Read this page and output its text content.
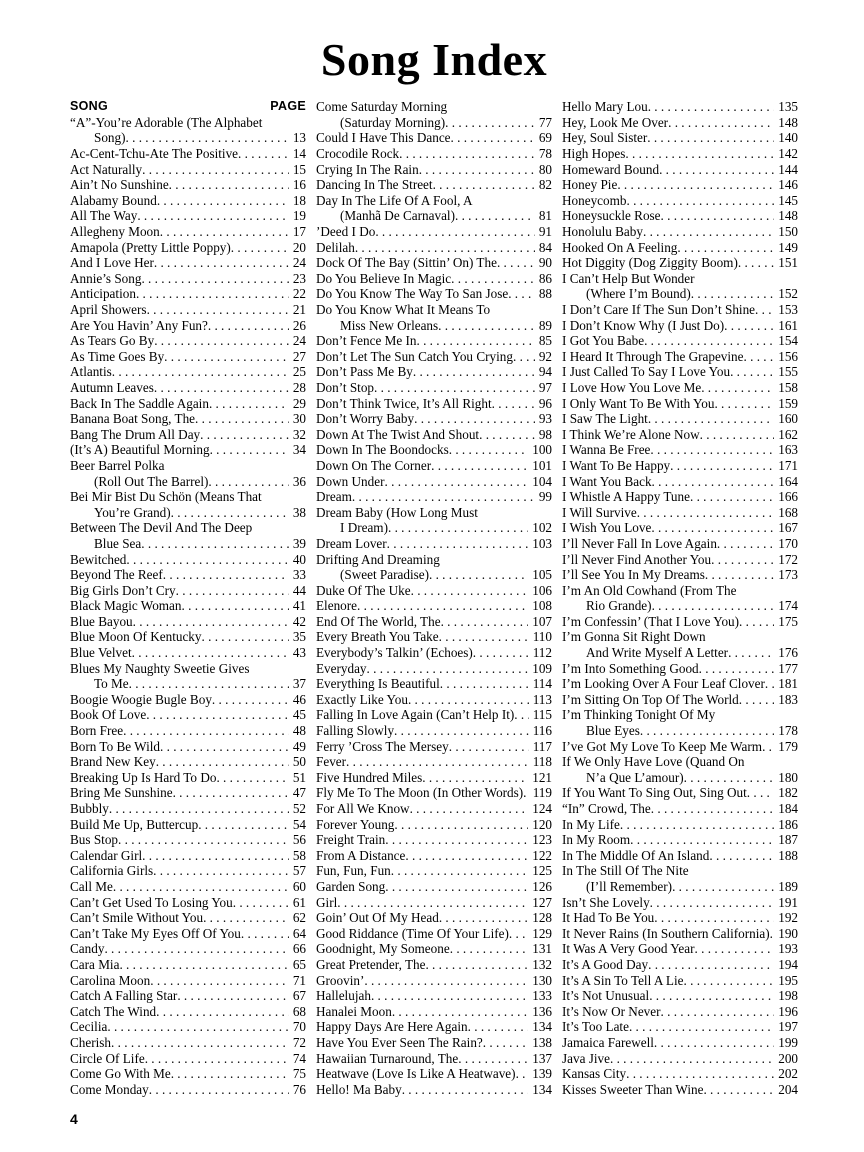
Song Index
SONG	PAGE
“A”-You’re Adorable (The Alphabet
Song) . . .	13
Ac-Cent-Tchu-Ate The Positive . . .	14
Act Naturally . . .	15
Ain’t No Sunshine . . .	16
Alabamy Bound . . .	18
All The Way . . .	19
Allegheny Moon . . .	17
Amapola (Pretty Little Poppy) . . .	20
And I Love Her . . .	24
Annie’s Song . . .	23
Anticipation . . .	22
April Showers . . .	21
Are You Havin’ Any Fun? . . .	26
As Tears Go By . . .	24
As Time Goes By . . .	27
Atlantis . . .	25
Autumn Leaves . . .	28
Back In The Saddle Again . . .	29
Banana Boat Song, The . . .	30
Bang The Drum All Day . . .	32
(It’s A) Beautiful Morning . . .	34
Beer Barrel Polka
(Roll Out The Barrel) . . .	36
Bei Mir Bist Du Schön (Means That
You’re Grand) . . .	38
Between The Devil And The Deep
Blue Sea . . .	39
Bewitched . . .	40
Beyond The Reef . . .	33
Big Girls Don’t Cry . . .	44
Black Magic Woman . . .	41
Blue Bayou . . .	42
Blue Moon Of Kentucky . . .	35
Blue Velvet . . .	43
Blues My Naughty Sweetie Gives
To Me . . .	37
Boogie Woogie Bugle Boy . . .	46
Book Of Love . . .	45
Born Free . . .	48
Born To Be Wild . . .	49
Brand New Key . . .	50
Breaking Up Is Hard To Do . . .	51
Bring Me Sunshine . . .	47
Bubbly . . .	52
Build Me Up, Buttercup . . .	54
Bus Stop . . .	56
Calendar Girl . . .	58
California Girls . . .	57
Call Me . . .	60
Can’t Get Used To Losing You . . .	61
Can’t Smile Without You . . .	62
Can’t Take My Eyes Off Of You . . .	64
Candy . . .	66
Cara Mia . . .	65
Carolina Moon . . .	71
Catch A Falling Star . . .	67
Catch The Wind . . .	68
Cecilia . . .	70
Cherish . . .	72
Circle Of Life . . .	74
Come Go With Me . . .	75
Come Monday . . .	76
Come Saturday Morning
(Saturday Morning) . . .	77
Could I Have This Dance . . .	69
Crocodile Rock . . .	78
Crying In The Rain . . .	80
Dancing In The Street . . .	82
Day In The Life Of A Fool, A
(Manhã De Carnaval) . . .	81
’Deed I Do . . .	91
Delilah . . .	84
Dock Of The Bay (Sittin’ On) The . . .	90
Do You Believe In Magic . . .	86
Do You Know The Way To San Jose . . .	88
Do You Know What It Means To
Miss New Orleans . . .	89
Don’t Fence Me In . . .	85
Don’t Let The Sun Catch You Crying . . .	92
Don’t Pass Me By . . .	94
Don’t Stop . . .	97
Don’t Think Twice, It’s All Right . . .	96
Don’t Worry Baby . . .	93
Down At The Twist And Shout . . .	98
Down In The Boondocks . . .	100
Down On The Corner . . .	101
Down Under . . .	104
Dream . . .	99
Dream Baby (How Long Must
I Dream) . . .	102
Dream Lover . . .	103
Drifting And Dreaming
(Sweet Paradise) . . .	105
Duke Of The Uke . . .	106
Elenore . . .	108
End Of The World, The . . .	107
Every Breath You Take . . .	110
Everybody’s Talkin’ (Echoes) . . .	112
Everyday . . .	109
Everything Is Beautiful . . .	114
Exactly Like You . . .	113
Falling In Love Again (Can’t Help It) . . .	115
Falling Slowly . . .	116
Ferry ’Cross The Mersey . . .	117
Fever . . .	118
Five Hundred Miles . . .	121
Fly Me To The Moon (In Other Words) . . . 119
For All We Know . . .	124
Forever Young . . .	120
Freight Train . . .	123
From A Distance . . .	122
Fun, Fun, Fun . . .	125
Garden Song . . .	126
Girl . . .	127
Goin’ Out Of My Head . . .	128
Good Riddance (Time Of Your Life) . . .	129
Goodnight, My Someone . . .	131
Great Pretender, The . . .	132
Groovin’ . . .	130
Hallelujah . . .	133
Hanalei Moon . . .	136
Happy Days Are Here Again . . .	134
Have You Ever Seen The Rain? . . .	138
Hawaiian Turnaround, The . . .	137
Heatwave (Love Is Like A Heatwave) . . .	139
Hello! Ma Baby . . .	134
Hello Mary Lou . . .	135
Hey, Look Me Over . . .	148
Hey, Soul Sister . . .	140
High Hopes . . .	142
Homeward Bound . . .	144
Honey Pie . . .	146
Honeycomb . . .	145
Honeysuckle Rose . . .	148
Honolulu Baby . . .	150
Hooked On A Feeling . . .	149
Hot Diggity (Dog Ziggity Boom) . . .	151
I Can’t Help But Wonder
(Where I’m Bound) . . .	152
I Don’t Care If The Sun Don’t Shine . . .	153
I Don’t Know Why (I Just Do) . . .	161
I Got You Babe . . .	154
I Heard It Through The Grapevine . . .	156
I Just Called To Say I Love You . . .	155
I Love How You Love Me . . .	158
I Only Want To Be With You . . .	159
I Saw The Light . . .	160
I Think We’re Alone Now . . .	162
I Wanna Be Free . . .	163
I Want To Be Happy . . .	171
I Want You Back . . .	164
I Whistle A Happy Tune . . .	166
I Will Survive . . .	168
I Wish You Love . . .	167
I’ll Never Fall In Love Again . . .	170
I’ll Never Find Another You . . .	172
I’ll See You In My Dreams . . .	173
I’m An Old Cowhand (From The
Rio Grande) . . .	174
I’m Confessin’ (That I Love You) . . .	175
I’m Gonna Sit Right Down
And Write Myself A Letter . . .	176
I’m Into Something Good . . .	177
I’m Looking Over A Four Leaf Clover . . .	181
I’m Sitting On Top Of The World . . .	183
I’m Thinking Tonight Of My
Blue Eyes . . .	178
I’ve Got My Love To Keep Me Warm . . .	179
If We Only Have Love (Quand On
N’a Que L’amour) . . .	180
If You Want To Sing Out, Sing Out . . .	182
“In” Crowd, The . . .	184
In My Life . . .	186
In My Room . . .	187
In The Middle Of An Island . . .	188
In The Still Of The Nite
(I’ll Remember) . . .	189
Isn’t She Lovely . . .	191
It Had To Be You . . .	192
It Never Rains (In Southern California) . . . 190
It Was A Very Good Year . . .	193
It’s A Good Day . . .	194
It’s A Sin To Tell A Lie . . .	195
It’s Not Unusual . . .	198
It’s Now Or Never . . .	196
It’s Too Late . . .	197
Jamaica Farewell . . .	199
Java Jive . . .	200
Kansas City . . .	202
Kisses Sweeter Than Wine . . .	204
4
